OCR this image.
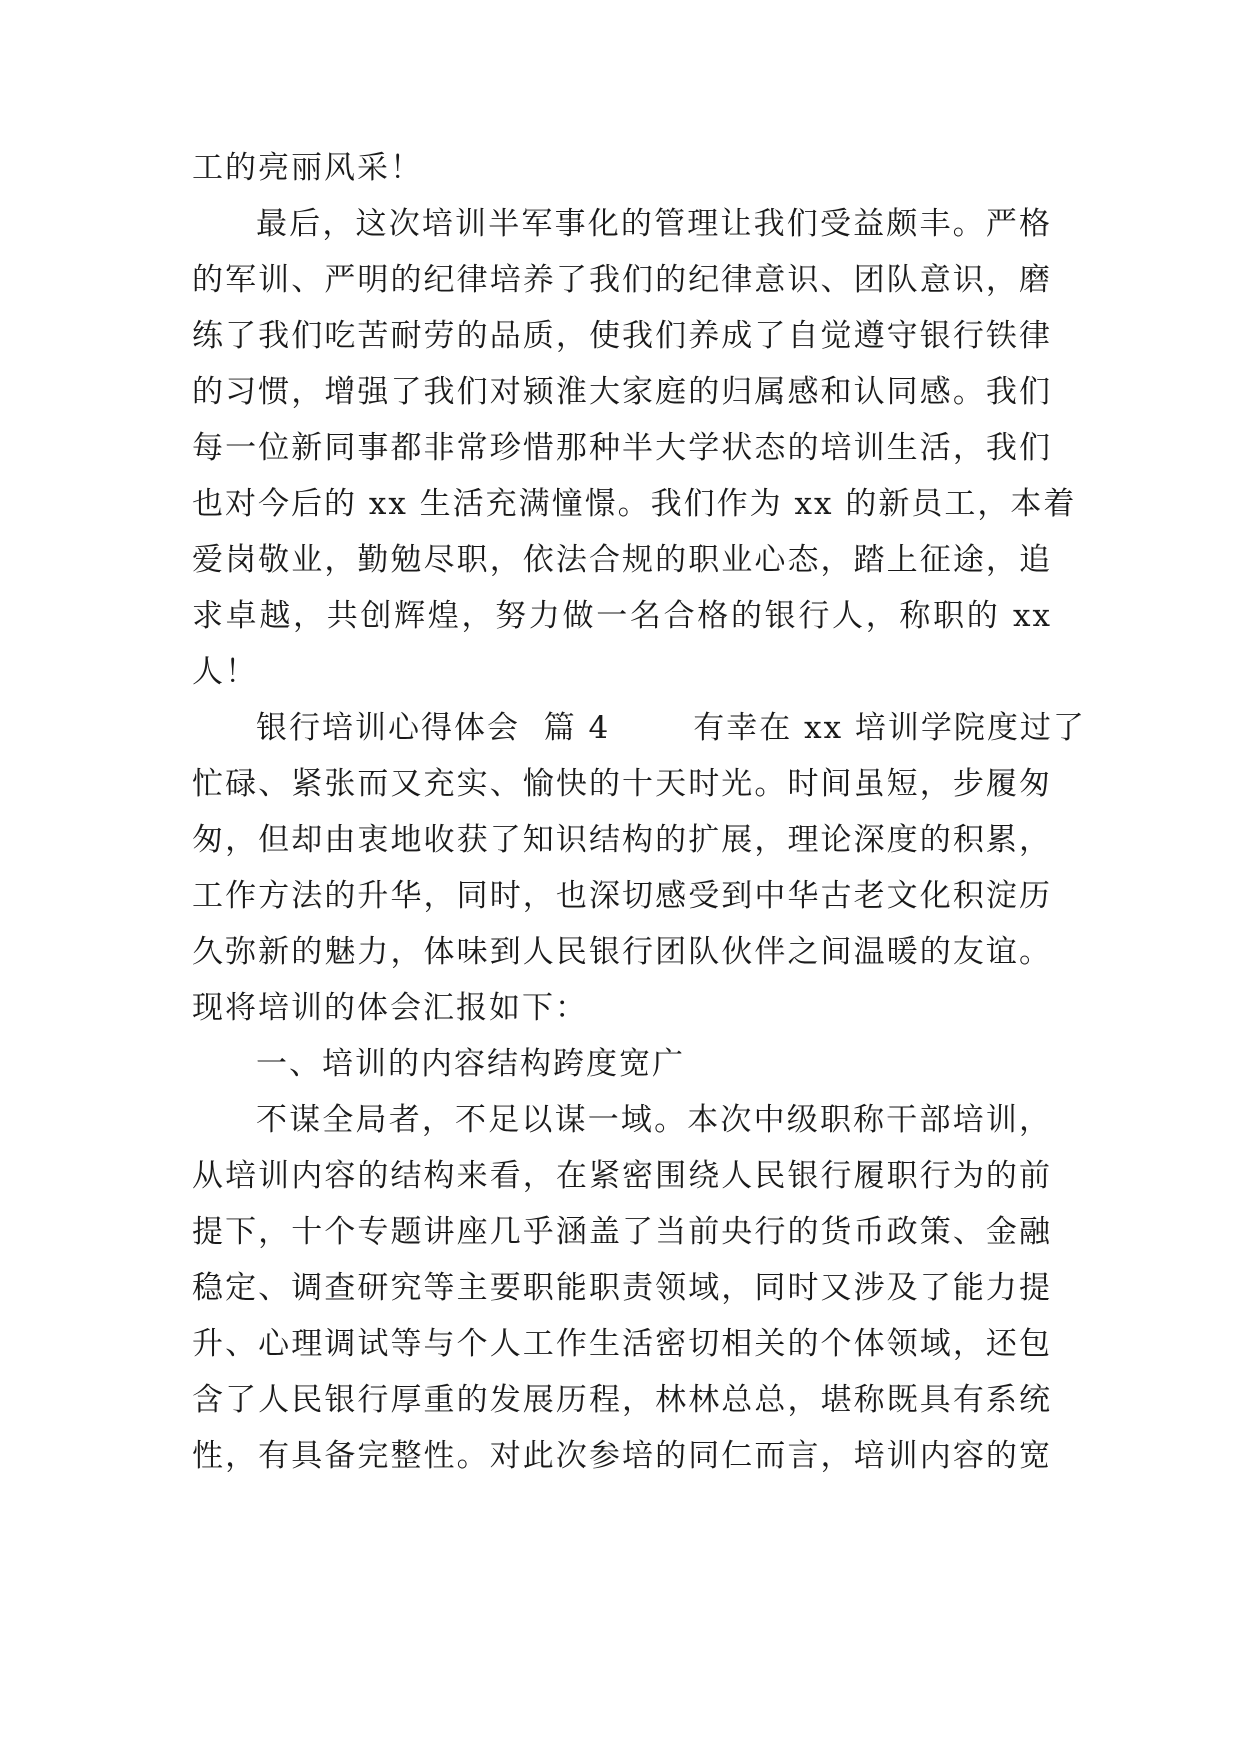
工的亮丽风采！
最后，这次培训半军事化的管理让我们受益颇丰。严格
的军训、严明的纪律培养了我们的纪律意识、团队意识，磨
练了我们吃苦耐劳的品质，使我们养成了自觉遵守银行铁律
的习惯，增强了我们对颍淮大家庭的归属感和认同感。我们
每一位新同事都非常珍惜那种半大学状态的培训生活，我们
也对今后的 xx 生活充满憧憬。我们作为 xx 的新员工，本着
爱岗敬业，勤勉尽职，依法合规的职业心态，踏上征途，追
求卓越，共创辉煌，努力做一名合格的银行人，称职的 xx
人！
银行培训心得体会  篇 4       有幸在 xx 培训学院度过了
忙碌、紧张而又充实、愉快的十天时光。时间虽短，步履匆
匆，但却由衷地收获了知识结构的扩展，理论深度的积累，
工作方法的升华，同时，也深切感受到中华古老文化积淀历
久弥新的魅力，体味到人民银行团队伙伴之间温暖的友谊。
现将培训的体会汇报如下：
一、培训的内容结构跨度宽广
不谋全局者，不足以谋一域。本次中级职称干部培训，
从培训内容的结构来看，在紧密围绕人民银行履职行为的前
提下，十个专题讲座几乎涵盖了当前央行的货币政策、金融
稳定、调查研究等主要职能职责领域，同时又涉及了能力提
升、心理调试等与个人工作生活密切相关的个体领域，还包
含了人民银行厚重的发展历程，林林总总，堪称既具有系统
性，有具备完整性。对此次参培的同仁而言，培训内容的宽
